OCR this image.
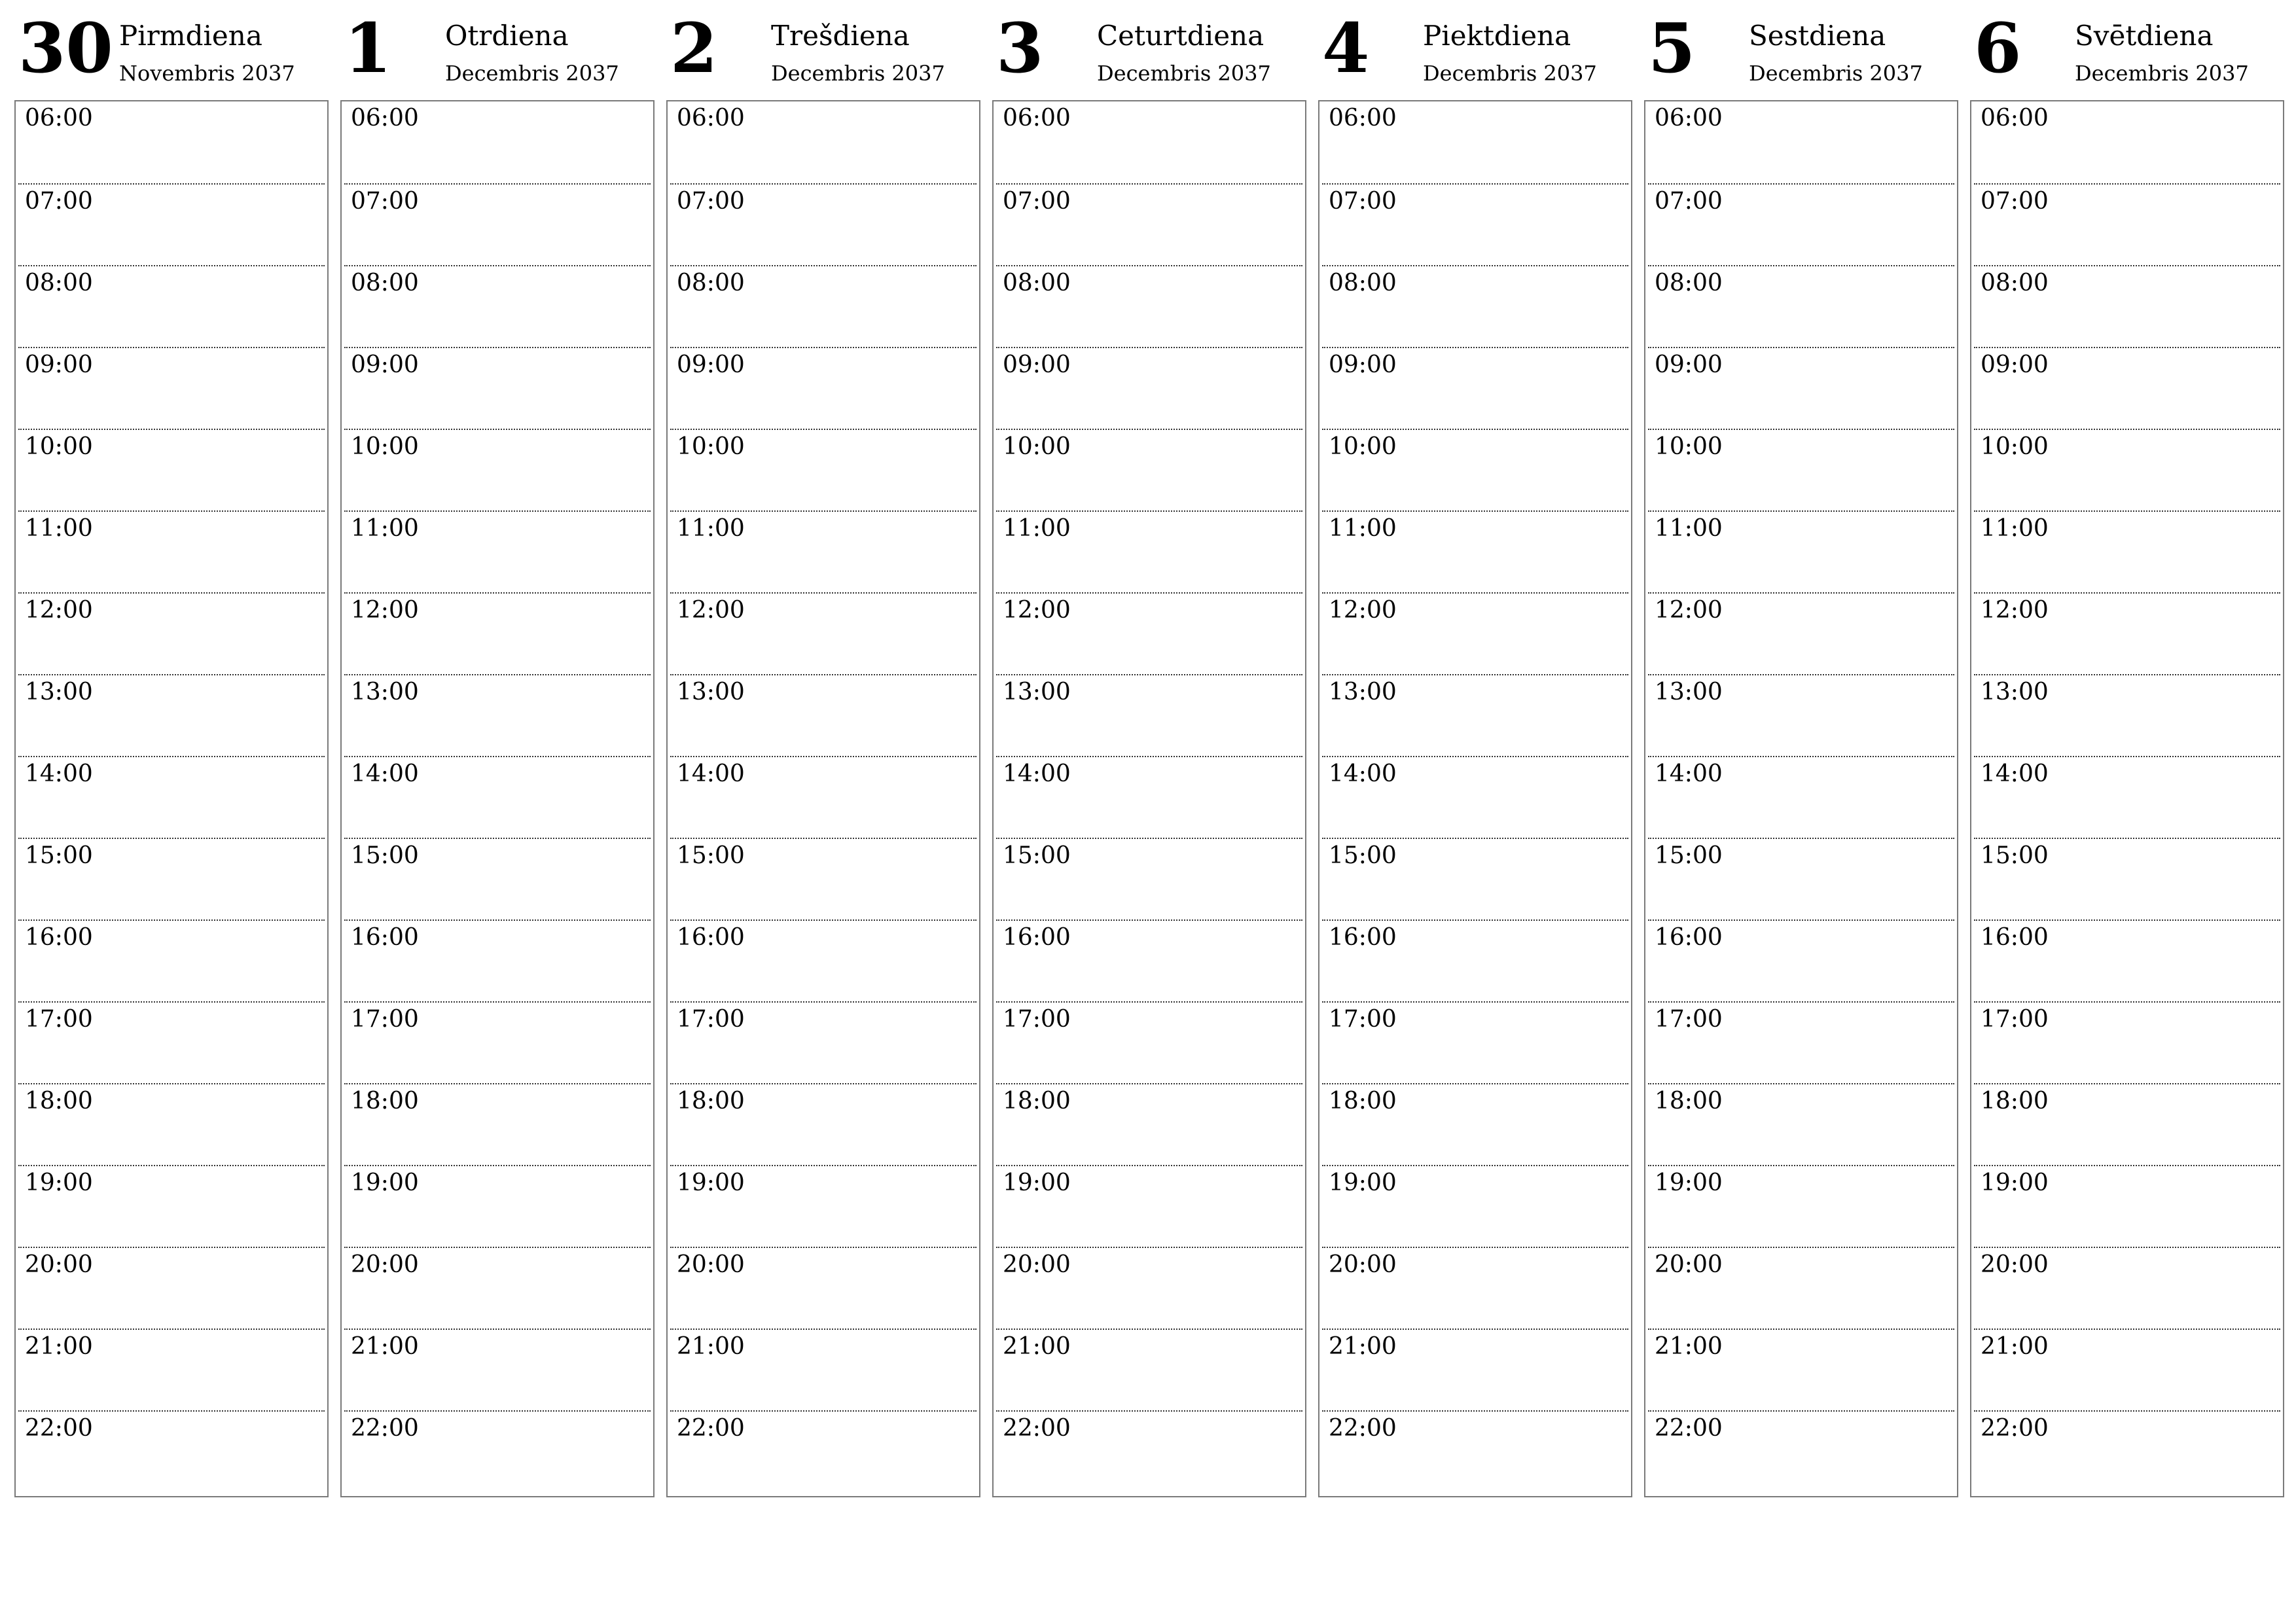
30 Pirmdiena
Novembris 2037
06:00
07:00
08:00
09:00
10:00
11:00
12:00
13:00
14:00
15:00
16:00
17:00
18:00
19:00
20:00
21:00
22:00
1 Otrdiena
Decembris 2037
06:00
07:00
08:00
09:00
10:00
11:00
12:00
13:00
14:00
15:00
16:00
17:00
18:00
19:00
20:00
21:00
22:00
2 Trešdiena
Decembris 2037
06:00
07:00
08:00
09:00
10:00
11:00
12:00
13:00
14:00
15:00
16:00
17:00
18:00
19:00
20:00
21:00
22:00
3 Ceturtdiena
Decembris 2037
06:00
07:00
08:00
09:00
10:00
11:00
12:00
13:00
14:00
15:00
16:00
17:00
18:00
19:00
20:00
21:00
22:00
4 Piektdiena
Decembris 2037
06:00
07:00
08:00
09:00
10:00
11:00
12:00
13:00
14:00
15:00
16:00
17:00
18:00
19:00
20:00
21:00
22:00
5 Sestdiena
Decembris 2037
06:00
07:00
08:00
09:00
10:00
11:00
12:00
13:00
14:00
15:00
16:00
17:00
18:00
19:00
20:00
21:00
22:00
6 Svētdiena
Decembris 2037
06:00
07:00
08:00
09:00
10:00
11:00
12:00
13:00
14:00
15:00
16:00
17:00
18:00
19:00
20:00
21:00
22:00
